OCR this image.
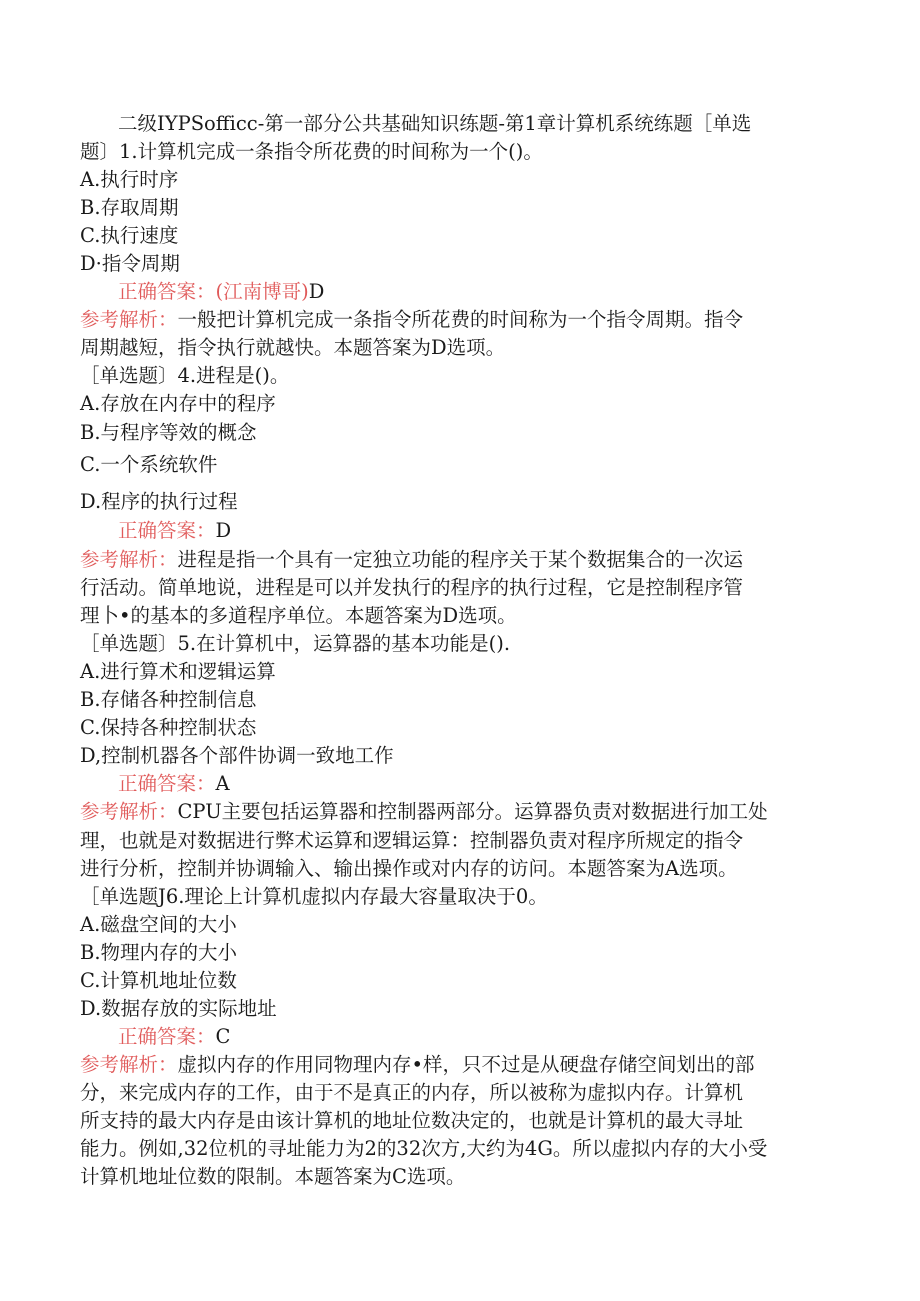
二级IYPSofficc-第一部分公共基础知识练题-第1章计算机系统练题［单选
题〕1.计算机完成一条指令所花费的时间称为一个()。
A.执行时序
B.存取周期
C.执行速度
D·指令周期
正确答案：(江南博哥)D
参考解析：一般把计算机完成一条指令所花费的时间称为一个指令周期。指令
周期越短，指令执行就越快。本题答案为D选项。
［单选题〕4.进程是()。
A.存放在内存中的程序
B.与程序等效的概念
C.一个系统软件
D.程序的执行过程
正确答案：D
参考解析：进程是指一个具有一定独立功能的程序关于某个数据集合的一次运
行活动。简单地说，进程是可以并发执行的程序的执行过程，它是控制程序管
理卜•的基本的多道程序单位。本题答案为D选项。
［单选题〕5.在计算机中，运算器的基本功能是().
A.进行算术和逻辑运算
B.存储各种控制信息
C.保持各种控制状态
D,控制机器各个部件协调一致地工作
正确答案：A
参考解析：CPU主要包括运算器和控制器两部分。运算器负责对数据进行加工处
理，也就是对数据进行弊术运算和逻辑运算：控制器负责对程序所规定的指令
进行分析，控制并协调输入、输出操作或对内存的访问。本题答案为A选项。
［单选题J6.理论上计算机虚拟内存最大容量取决于0。
A.磁盘空间的大小
B.物理内存的大小
C.计算机地址位数
D.数据存放的实际地址
正确答案：C
参考解析：虚拟内存的作用同物理内存•样，只不过是从硬盘存储空间划出的部
分，来完成内存的工作，由于不是真正的内存，所以被称为虚拟内存。计算机
所支持的最大内存是由该计算机的地址位数决定的，也就是计算机的最大寻址
能力。例如,32位机的寻址能力为2的32次方,大约为4G。所以虚拟内存的大小受
计算机地址位数的限制。本题答案为C选项。
